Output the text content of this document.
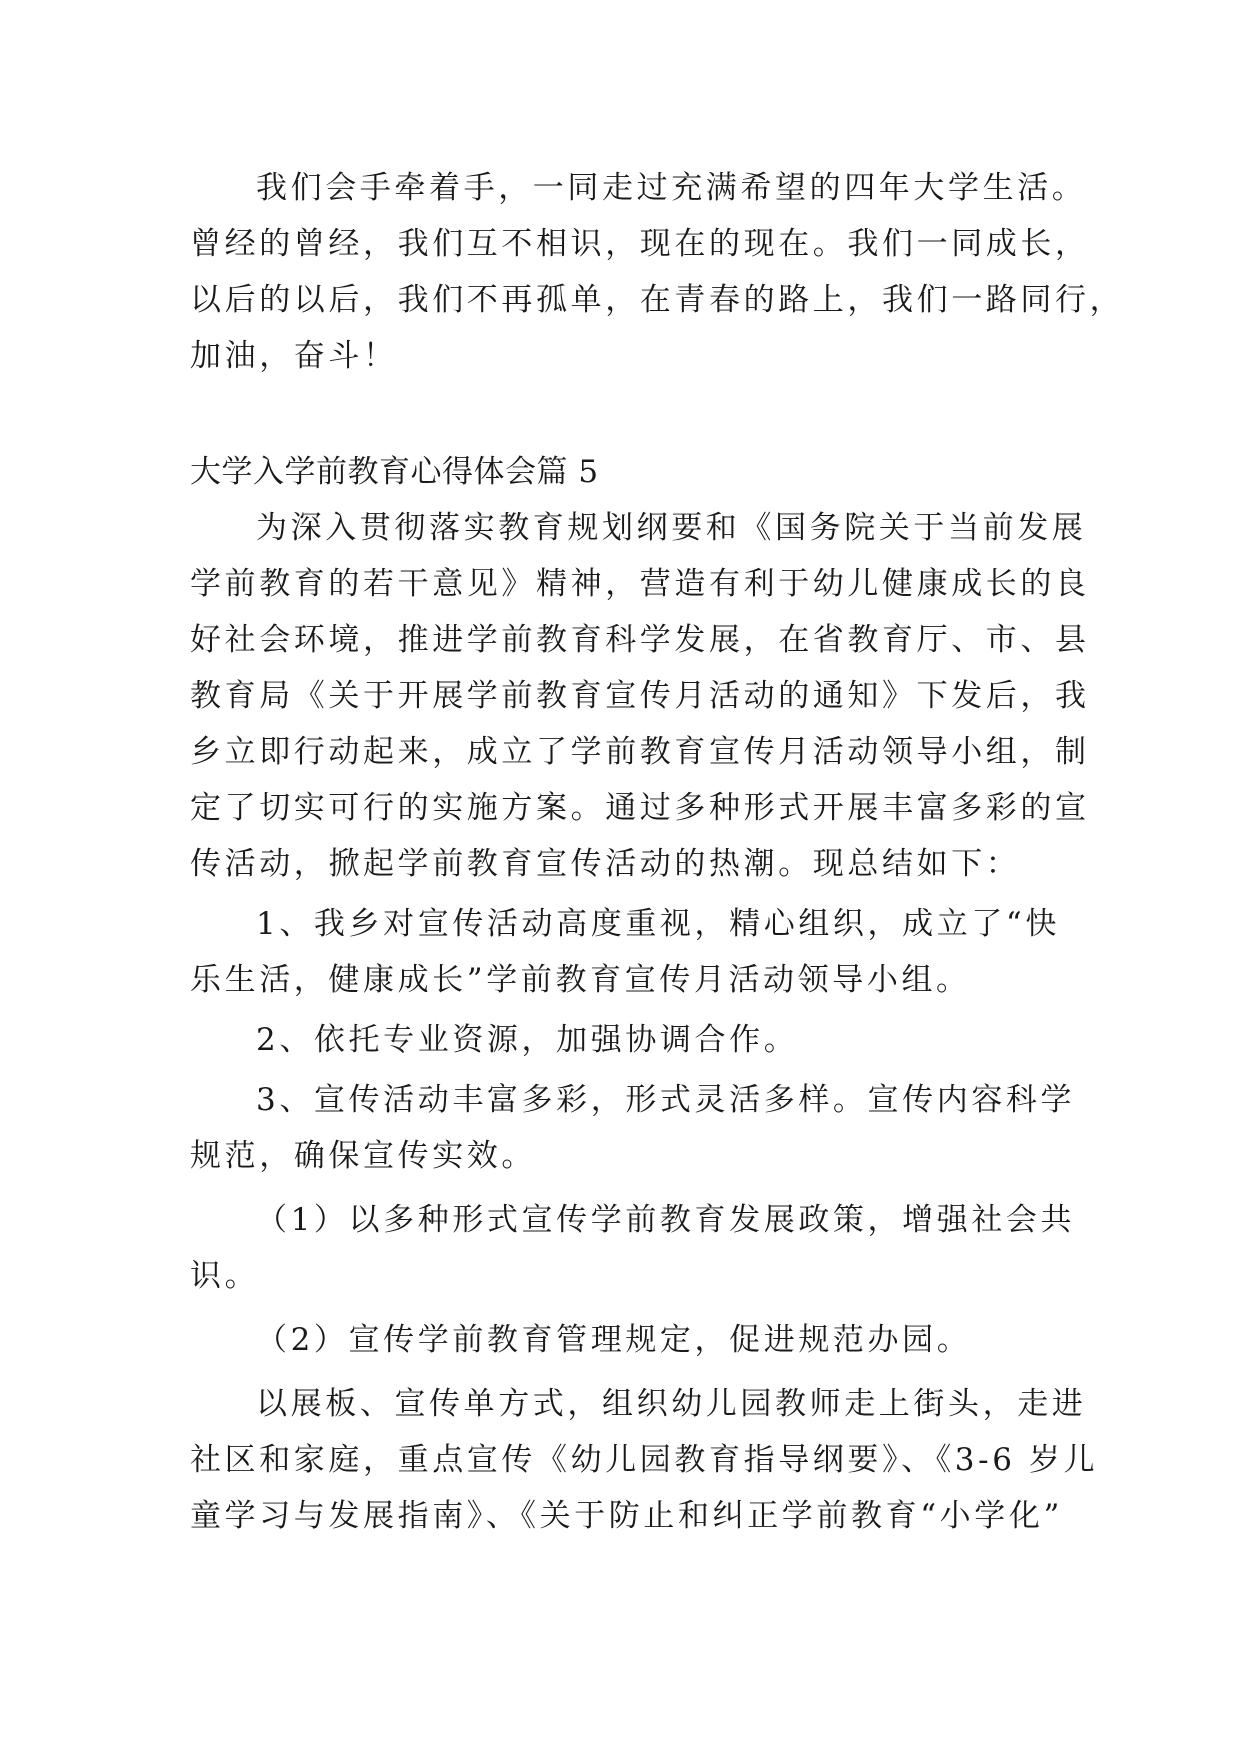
我们会手牵着手，一同走过充满希望的四年大学生活。
曾经的曾经，我们互不相识，现在的现在。我们一同成长，
以后的以后，我们不再孤单，在青春的路上，我们一路同行，
加油，奋斗！
大学入学前教育心得体会篇 5
为深入贯彻落实教育规划纲要和《国务院关于当前发展
学前教育的若干意见》精神，营造有利于幼儿健康成长的良
好社会环境，推进学前教育科学发展，在省教育厅、市、县
教育局《关于开展学前教育宣传月活动的通知》下发后，我
乡立即行动起来，成立了学前教育宣传月活动领导小组，制
定了切实可行的实施方案。通过多种形式开展丰富多彩的宣
传活动，掀起学前教育宣传活动的热潮。现总结如下：
1、我乡对宣传活动高度重视，精心组织，成立了“快
乐生活，健康成长”学前教育宣传月活动领导小组。
2、依托专业资源，加强协调合作。
3、宣传活动丰富多彩，形式灵活多样。宣传内容科学
规范，确保宣传实效。
（1）以多种形式宣传学前教育发展政策，增强社会共
识。
（2）宣传学前教育管理规定，促进规范办园。
以展板、宣传单方式，组织幼儿园教师走上街头，走进
社区和家庭，重点宣传《幼儿园教育指导纲要》、《3-6 岁儿
童学习与发展指南》、《关于防止和纠正学前教育“小学化”
